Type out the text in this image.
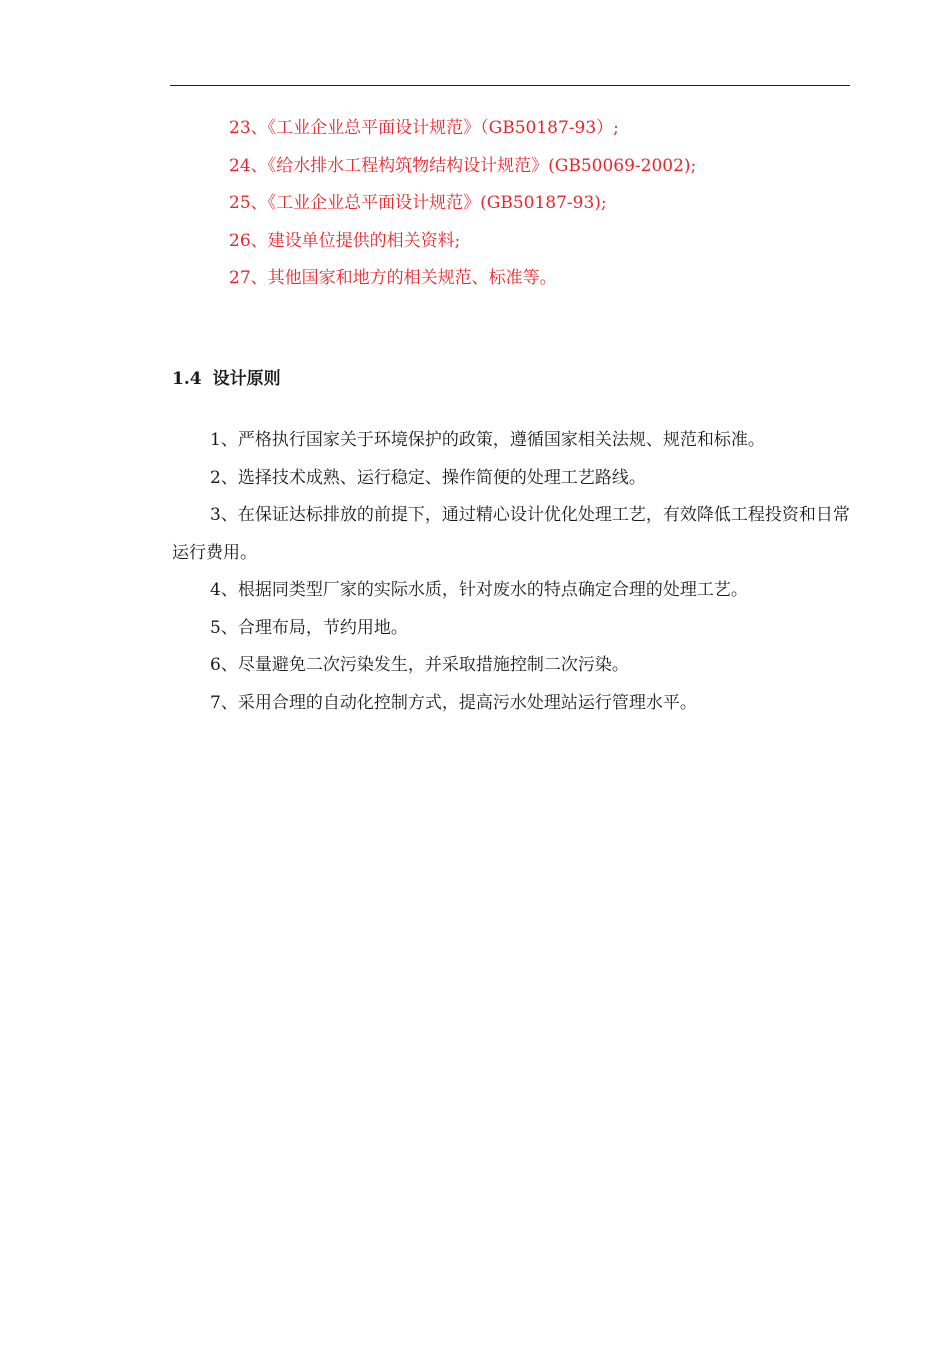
23、《工业企业总平面设计规范》（GB50187-93）;
24、《给水排水工程构筑物结构设计规范》(GB50069-2002);
25、《工业企业总平面设计规范》(GB50187-93);
26、建设单位提供的相关资料;
27、其他国家和地方的相关规范、标准等。
1.4 设计原则
1、严格执行国家关于环境保护的政策，遵循国家相关法规、规范和标准。
2、选择技术成熟、运行稳定、操作简便的处理工艺路线。
3、在保证达标排放的前提下，通过精心设计优化处理工艺，有效降低工程投资和日常运行费用。
4、根据同类型厂家的实际水质，针对废水的特点确定合理的处理工艺。
5、合理布局，节约用地。
6、尽量避免二次污染发生，并采取措施控制二次污染。
7、采用合理的自动化控制方式，提高污水处理站运行管理水平。
